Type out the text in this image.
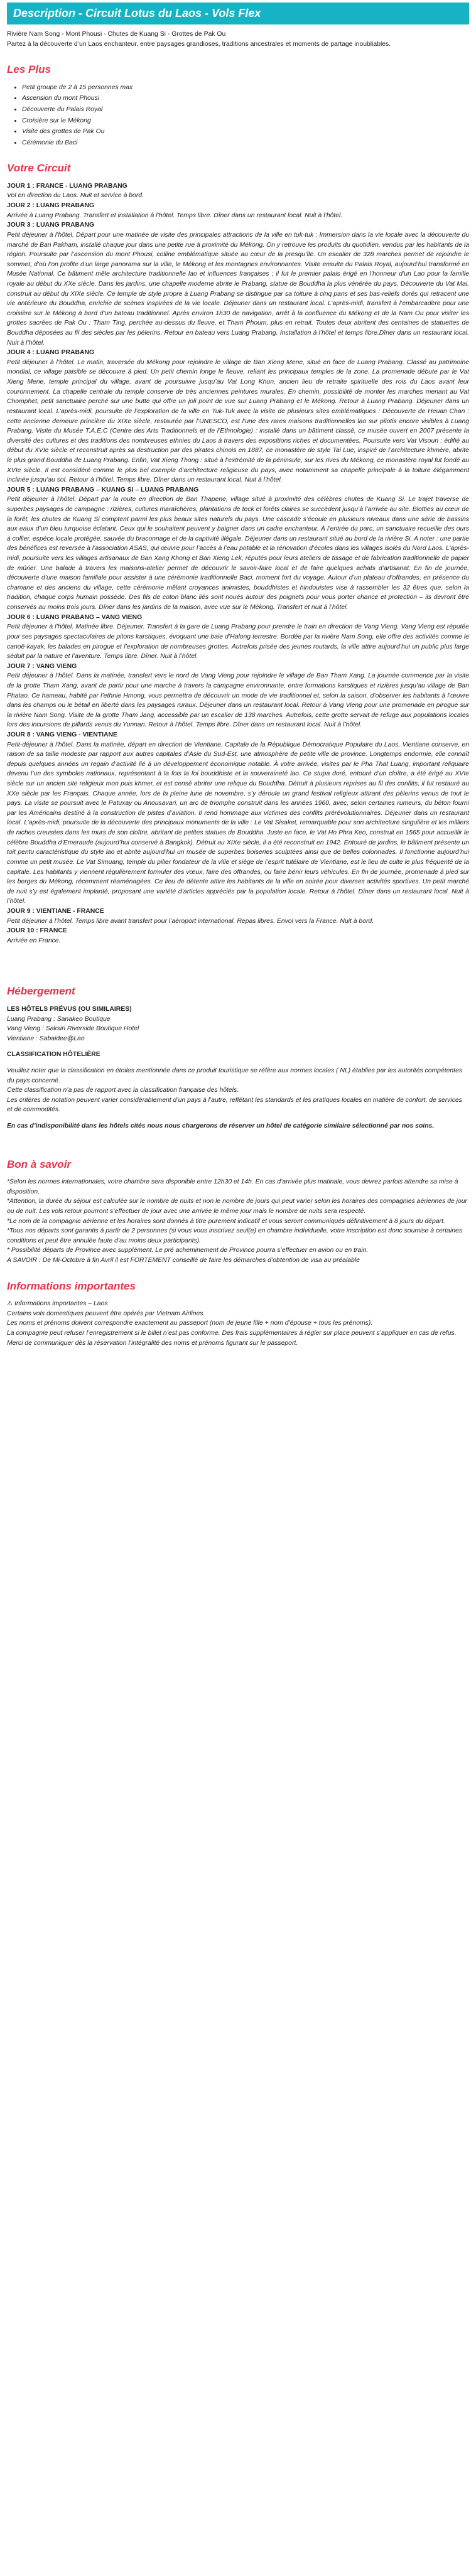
Description - Circuit Lotus du Laos - Vols Flex

Rivière Nam Song - Mont Phousi - Chutes de Kuang Si - Grottes de Pak Ou

Partez à la découverte d’un Laos enchanteur, entre paysages grandioses, traditions ancestrales et moments de partage inoubliables.

Les Plus
• Petit groupe de 2 à 15 personnes max
• Ascension du mont Phousi
• Découverte du Palais Royal
• Croisière sur le Mékong
• Visite des grottes de Pak Ou
• Cérémonie du Baci
Votre Circuit

JOUR 1 : FRANCE - LUANG PRABANG

Vol en direction du Laos. Nuit et service à bord.

JOUR 2 : LUANG PRABANG

Arrivée à Luang Prabang. Transfert et installation à l’hôtel. Temps libre. Dîner dans un restaurant local. Nuit à l’hôtel.

JOUR 3 : LUANG PRABANG

Petit déjeuner à l’hôtel. Départ pour une matinée de visite des principales attractions de la ville en tuk-tuk : Immersion dans la vie locale avec la découverte du marché de Ban Pakham, installé chaque jour dans une petite rue à proximité du Mékong. On y retrouve les produits du quotidien, vendus par les habitants de la région. Poursuite par l’ascension du mont Phousi, colline emblématique située au cœur de la presqu’île. Un escalier de 328 marches permet de rejoindre le sommet, d’où l’on profite d’un large panorama sur la ville, le Mékong et les montagnes environnantes. Visite ensuite du Palais Royal, aujourd’hui transformé en Musée National. Ce bâtiment mêle architecture traditionnelle lao et influences françaises ; il fut le premier palais érigé en l’honneur d’un Lao pour la famille royale au début du XXe siècle. Dans les jardins, une chapelle moderne abrite le Prabang, statue de Bouddha la plus vénérée du pays. Découverte du Vat Mai, construit au début du XIXe siècle. Ce temple de style propre à Luang Prabang se distingue par sa toiture à cinq pans et ses bas-reliefs dorés qui retracent une vie antérieure du Bouddha, enrichie de scènes inspirées de la vie locale. Déjeuner dans un restaurant local. L’après-midi, transfert à l’embarcadère pour une croisière sur le Mékong à bord d’un bateau traditionnel. Après environ 1h30 de navigation, arrêt à la confluence du Mékong et de la Nam Ou pour visiter les grottes sacrées de Pak Ou : Tham Ting, perchée au-dessus du fleuve, et Tham Phoum, plus en retrait. Toutes deux abritent des centaines de statuettes de Bouddha déposées au fil des siècles par les pèlerins. Retour en bateau vers Luang Prabang. Installation à l’hôtel et temps libre.Dîner dans un restaurant local. Nuit à l’hôtel.

JOUR 4 : LUANG PRABANG

Petit déjeuner à l’hôtel. Le matin, traversée du Mékong pour rejoindre le village de Ban Xieng Mene, situé en face de Luang Prabang. Classé au patrimoine mondial, ce village paisible se découvre à pied. Un petit chemin longe le fleuve, reliant les principaux temples de la zone. La promenade débute par le Vat Xieng Mene, temple principal du village, avant de poursuivre jusqu’au Vat Long Khun, ancien lieu de retraite spirituelle des rois du Laos avant leur couronnement. La chapelle centrale du temple conserve de très anciennes peintures murales. En chemin, possibilité de monter les marches menant au Vat Chomphet, petit sanctuaire perché sur une butte qui offre un joli point de vue sur Luang Prabang et le Mékong. Retour à Luang Prabang. Déjeuner dans un restaurant local. L’après-midi, poursuite de l’exploration de la ville en Tuk-Tuk avec la visite de plusieurs sites emblématiques : Découverte de Heuan Chan : cette ancienne demeure princière du XIXe siècle, restaurée par l’UNESCO, est l’une des rares maisons traditionnelles lao sur pilotis encore visibles à Luang Prabang. Visite du Musée T.A.E.C (Centre des Arts Traditionnels et de l’Ethnologie) : installé dans un bâtiment classé, ce musée ouvert en 2007 présente la diversité des cultures et des traditions des nombreuses ethnies du Laos à travers des expositions riches et documentées. Poursuite vers Vat Visoun : édifié au début du XVIe siècle et reconstruit après sa destruction par des pirates chinois en 1887, ce monastère de style Tai Lue, inspiré de l’architecture khmère, abrite le plus grand Bouddha de Luang Prabang. Enfin, Vat Xieng Thong : situé à l’extrémité de la péninsule, sur les rives du Mékong, ce monastère royal fut fondé au XVIe siècle. Il est considéré comme le plus bel exemple d’architecture religieuse du pays, avec notamment sa chapelle principale à la toiture élégamment inclinée jusqu’au sol. Retour à l’hôtel. Temps libre. Dîner dans un restaurant local. Nuit à l’hôtel.

JOUR 5 : LUANG PRABANG – KUANG SI – LUANG PRABANG

Petit déjeuner à l’hôtel. Départ par la route en direction de Ban Thapene, village situé à proximité des célèbres chutes de Kuang Si. Le trajet traverse de superbes paysages de campagne : rizières, cultures maraîchères, plantations de teck et forêts claires se succèdent jusqu’à l’arrivée au site. Blotties au cœur de la forêt, les chutes de Kuang Si comptent parmi les plus beaux sites naturels du pays. Une cascade s’écoule en plusieurs niveaux dans une série de bassins aux eaux d’un bleu turquoise éclatant. Ceux qui le souhaitent peuvent y baigner dans un cadre enchanteur. À l’entrée du parc, un sanctuaire recueille des ours à collier, espèce locale protégée, sauvée du braconnage et de la captivité illégale. Déjeuner dans un restaurant situé au bord de la rivière Si. A noter : une partie des bénéfices est reversée à l’association ASAS, qui œuvre pour l’accès à l’eau potable et la rénovation d’écoles dans les villages isolés du Nord Laos. L’après-midi, poursuite vers les villages artisanaux de Ban Xang Khong et Ban Xieng Lek, réputés pour leurs ateliers de tissage et de fabrication traditionnelle de papier de mûrier. Une balade à travers les maisons-atelier permet de découvrir le savoir-faire local et de faire quelques achats d’artisanat. En fin de journée, découverte d’une maison familiale pour assister à une cérémonie traditionnelle Baci, moment fort du voyage. Autour d’un plateau d’offrandes, en présence du chamane et des anciens du village, cette cérémonie mêlant croyances animistes, bouddhistes et hindouistes vise à rassembler les 32 êtres que, selon la tradition, chaque corps humain possède. Des fils de coton blanc liés sont noués autour des poignets pour vous porter chance et protection – ils devront être conservés au moins trois jours. Dîner dans les jardins de la maison, avec vue sur le Mékong. Transfert et nuit à l’hôtel.

JOUR 6 : LUANG PRABANG – VANG VIENG

Petit déjeuner à l’hôtel. Matinée libre. Déjeuner. Transfert à la gare de Luang Prabang pour prendre le train en direction de Vang Vieng. Vang Vieng est réputée pour ses paysages spectaculaires de pitons karstiques, évoquant une baie d’Halong terrestre. Bordée par la rivière Nam Song, elle offre des activités comme le canoë-kayak, les balades en pirogue et l’exploration de nombreuses grottes. Autrefois prisée des jeunes routards, la ville attire aujourd’hui un public plus large séduit par la nature et l’aventure. Temps libre. Dîner. Nuit à l’hôtel.

JOUR 7 : VANG VIENG

Petit déjeuner à l’hôtel. Dans la matinée, transfert vers le nord de Vang Vieng pour rejoindre le village de Ban Tham Xang. La journée commence par la visite de la grotte Tham Xang, avant de partir pour une marche à travers la campagne environnante, entre formations karstiques et rizières jusqu’au village de Ban Phatao. Ce hameau, habité par l’ethnie Hmong, vous permettra de découvrir un mode de vie traditionnel et, selon la saison, d’observer les habitants à l’œuvre dans les champs ou le bétail en liberté dans les paysages ruraux. Déjeuner dans un restaurant local. Retour à Vang Vieng pour une promenade en pirogue sur la rivière Nam Song. Visite de la grotte Tham Jang, accessible par un escalier de 138 marches. Autrefois, cette grotte servait de refuge aux populations locales lors des incursions de pillards venus du Yunnan. Retour à l’hôtel. Temps libre. Dîner dans un restaurant local. Nuit à l’hôtel.

JOUR 8 : VANG VIENG - VIENTIANE

Petit-déjeuner à l’hôtel. Dans la matinée, départ en direction de Vientiane. Capitale de la République Démocratique Populaire du Laos, Vientiane conserve, en raison de sa taille modeste par rapport aux autres capitales d’Asie du Sud-Est, une atmosphère de petite ville de province. Longtemps endormie, elle connaît depuis quelques années un regain d’activité lié à un développement économique notable. À votre arrivée, visites par le Pha That Luang, important reliquaire devenu l’un des symboles nationaux, représentant à la fois la foi bouddhiste et la souveraineté lao. Ce stupa doré, entouré d’un cloître, a été érigé au XVIe siècle sur un ancien site religieux mon puis khmer, et est censé abriter une relique du Bouddha. Détruit à plusieurs reprises au fil des conflits, il fut restauré au XXe siècle par les Français. Chaque année, lors de la pleine lune de novembre, s’y déroule un grand festival religieux attirant des pèlerins venus de tout le pays. La visite se poursuit avec le Patuxay ou Anousavari, un arc de triomphe construit dans les années 1960, avec, selon certaines rumeurs, du béton fourni par les Américains destiné à la construction de pistes d’aviation. Il rend hommage aux victimes des conflits prérévolutionnaires. Déjeuner dans un restaurant local. L’après-midi, poursuite de la découverte des principaux monuments de la ville : Le Vat Sisaket, remarquable pour son architecture singulière et les milliers de niches creusées dans les murs de son cloître, abritant de petites statues de Bouddha. Juste en face, le Vat Ho Phra Keo, construit en 1565 pour accueillir le célèbre Bouddha d’Emeraude (aujourd’hui conservé à Bangkok). Détruit au XIXe siècle, il a été reconstruit en 1942. Entouré de jardins, le bâtiment présente un toit pentu caractéristique du style lao et abrite aujourd’hui un musée de superbes boiseries sculptées ainsi que de belles colonnades. Il fonctionne aujourd’hui comme un petit musée. Le Vat Simuang, temple du pilier fondateur de la ville et siège de l’esprit tutélaire de Vientiane, est le lieu de culte le plus fréquenté de la capitale. Les habitants y viennent régulièrement formuler des vœux, faire des offrandes, ou faire bénir leurs véhicules. En fin de journée, promenade à pied sur les berges du Mékong, récemment réaménagées. Ce lieu de détente attire les habitants de la ville en soirée pour diverses activités sportives. Un petit marché de nuit s’y est également implanté, proposant une variété d’articles appréciés par la population locale. Retour à l’hôtel. Dîner dans un restaurant local. Nuit à l’hôtel.

JOUR 9 : VIENTIANE - FRANCE

Petit déjeuner à l’hôtel. Temps libre avant transfert pour l’aéroport international. Repas libres. Envol vers la France. Nuit à bord.

JOUR 10 : FRANCE

Arrivée en France.

Hébergement

LES HÔTELS PRÉVUS (OU SIMILAIRES)

Luang Prabang : Sanakeo Boutique

Vang Vieng : Saksiri Riverside Boutique Hotel

Vientiane : Sabaidee@Lao

CLASSIFICATION HÔTELIÈRE

Veuillez noter que la classification en étoiles mentionnée dans ce produit touristique se réfère aux normes locales ( NL) établies par les autorités compétentes du pays concerné.

Cette classification n’a pas de rapport avec la classification française des hôtels.

Les critères de notation peuvent varier considérablement d’un pays à l’autre, reflétant les standards et les pratiques locales en matière de confort, de services et de commodités.

En cas d’indisponibilité dans les hôtels cités nous nous chargerons de réserver un hôtel de catégorie similaire sélectionné par nos soins.

Bon à savoir

*Selon les normes internationales, votre chambre sera disponible entre 12h30 et 14h. En cas d’arrivée plus matinale, vous devrez parfois attendre sa mise à disposition.

*Attention, la durée du séjour est calculée sur le nombre de nuits et non le nombre de jours qui peut varier selon les horaires des compagnies aériennes de jour ou de nuit. Les vols retour pourront s’effectuer de jour avec une arrivée le même jour mais le nombre de nuits sera respecté.

*Le nom de la compagnie aérienne et les horaires sont donnés à titre purement indicatif et vous seront communiqués définitivement à 8 jours du départ.

*Tous nos départs sont garantis à partir de 2 personnes (si vous vous inscrivez seul(e) en chambre individuelle, votre inscription est donc soumise à certaines conditions et peut être annulée faute d’au moins deux participants).

* Possibilité départs de Province avec supplément. Le pré acheminement de Province pourra s’effectuer en avion ou en train.

A SAVOIR : De Mi-Octobre à fin Avril il est FORTEMENT conseillé de faire les démarches d’obtention de visa au préalable

Informations importantes

⚠ Informations importantes – Laos

Certains vols domestiques peuvent être opérés par Vietnam Airlines.

Les noms et prénoms doivent correspondre exactement au passeport (nom de jeune fille + nom d’épouse + tous les prénoms).

La compagnie peut refuser l’enregistrement si le billet n’est pas conforme. Des frais supplémentaires à régler sur place peuvent s’appliquer en cas de refus.

Merci de communiquer dès la réservation l’intégralité des noms et prénoms figurant sur le passeport.
